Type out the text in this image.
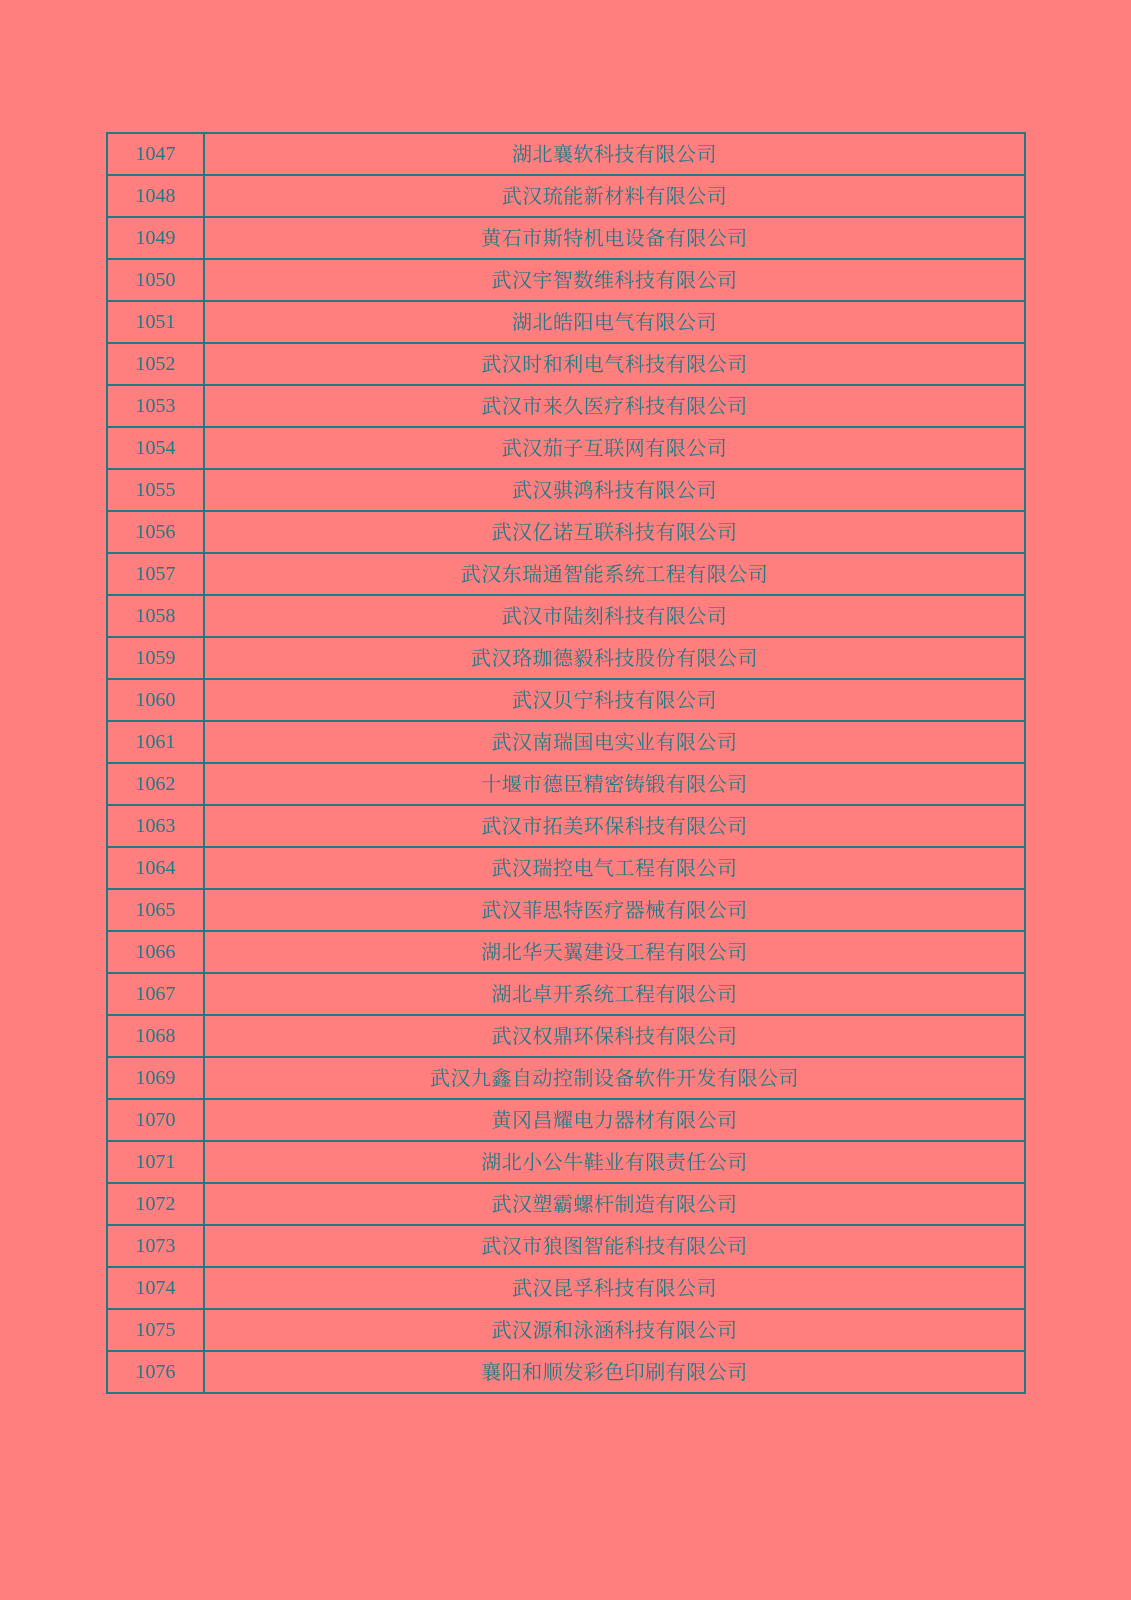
1047	湖北襄软科技有限公司
1048	武汉琉能新材料有限公司
1049	黄石市斯特机电设备有限公司
1050	武汉宇智数维科技有限公司
1051	湖北皓阳电气有限公司
1052	武汉时和利电气科技有限公司
1053	武汉市来久医疗科技有限公司
1054	武汉茄子互联网有限公司
1055	武汉骐鸿科技有限公司
1056	武汉亿诺互联科技有限公司
1057	武汉东瑞通智能系统工程有限公司
1058	武汉市陆刻科技有限公司
1059	武汉珞珈德毅科技股份有限公司
1060	武汉贝宁科技有限公司
1061	武汉南瑞国电实业有限公司
1062	十堰市德臣精密铸锻有限公司
1063	武汉市拓美环保科技有限公司
1064	武汉瑞控电气工程有限公司
1065	武汉菲思特医疗器械有限公司
1066	湖北华天翼建设工程有限公司
1067	湖北卓开系统工程有限公司
1068	武汉权鼎环保科技有限公司
1069	武汉九鑫自动控制设备软件开发有限公司
1070	黄冈昌耀电力器材有限公司
1071	湖北小公牛鞋业有限责任公司
1072	武汉塑霸螺杆制造有限公司
1073	武汉市狼图智能科技有限公司
1074	武汉昆孚科技有限公司
1075	武汉源和泳涵科技有限公司
1076	襄阳和顺发彩色印刷有限公司
